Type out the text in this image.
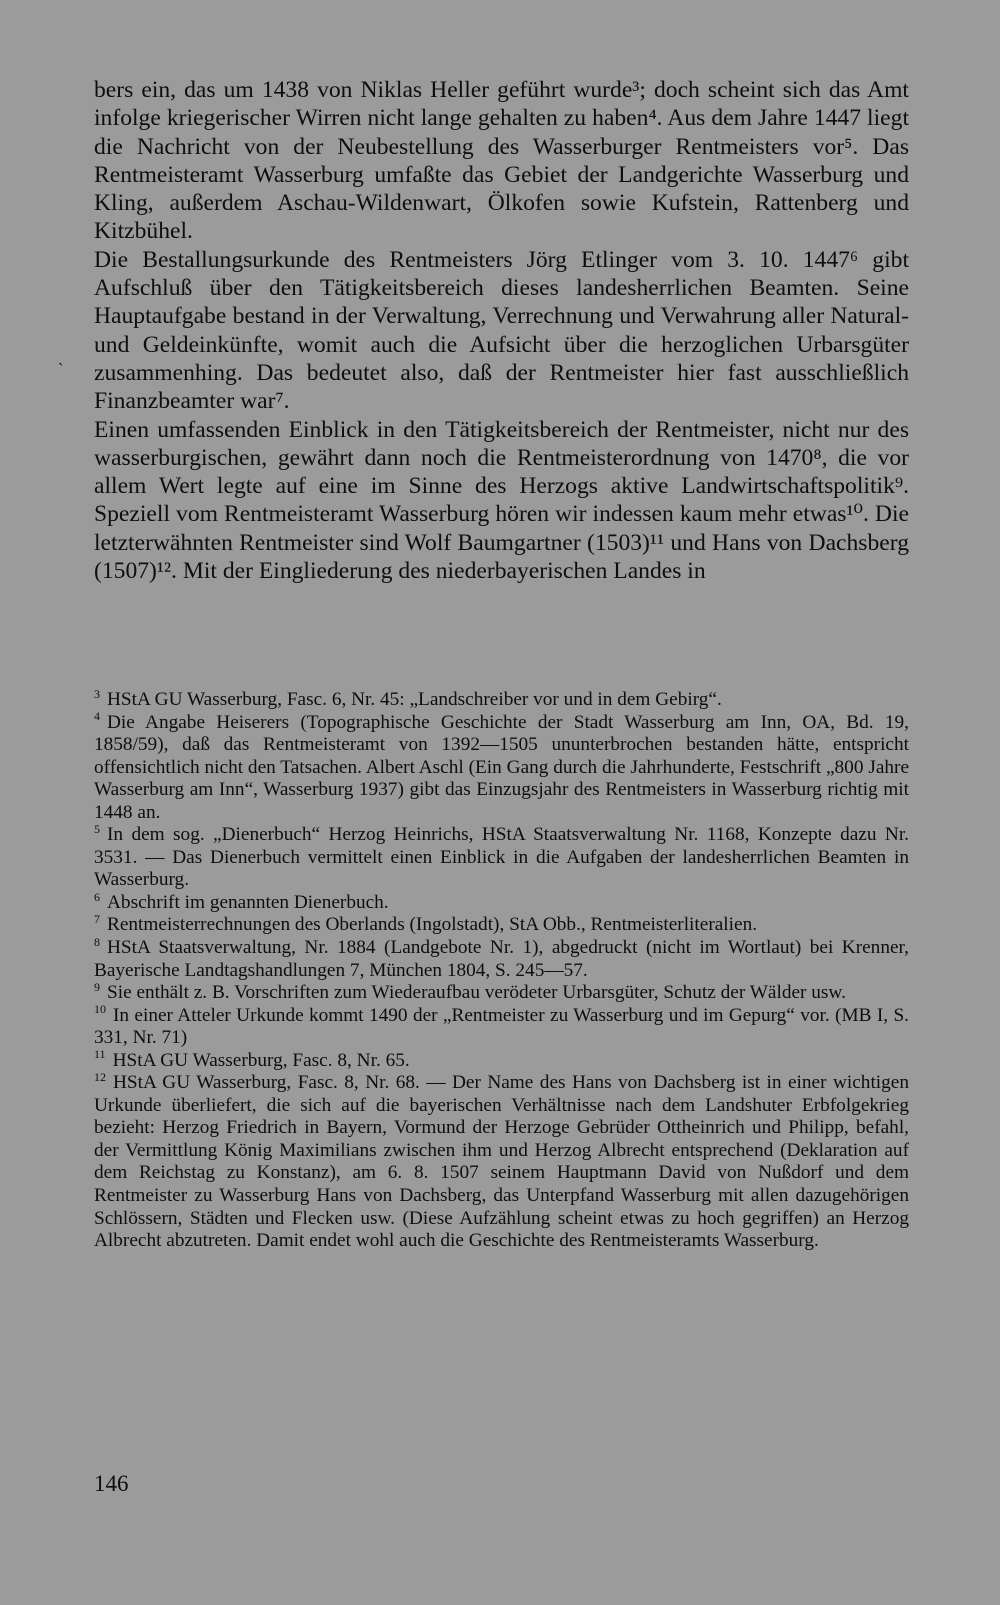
ˎ

bers ein, das um 1438 von Niklas Heller geführt wurde³; doch scheint sich das Amt infolge kriegerischer Wirren nicht lange gehalten zu haben⁴. Aus dem Jahre 1447 liegt die Nachricht von der Neubestellung des Wasserburger Rentmeisters vor⁵. Das Rentmeisteramt Wasserburg umfaßte das Gebiet der Landgerichte Wasserburg und Kling, außerdem Aschau-Wildenwart, Ölkofen sowie Kufstein, Rattenberg und Kitzbühel.

Die Bestallungsurkunde des Rentmeisters Jörg Etlinger vom 3. 10. 1447⁶ gibt Aufschluß über den Tätigkeitsbereich dieses landesherrlichen Beamten. Seine Hauptaufgabe bestand in der Verwaltung, Verrechnung und Verwahrung aller Natural- und Geldeinkünfte, womit auch die Aufsicht über die herzoglichen Urbarsgüter zusammenhing. Das bedeutet also, daß der Rentmeister hier fast ausschließlich Finanzbeamter war⁷.

Einen umfassenden Einblick in den Tätigkeitsbereich der Rentmeister, nicht nur des wasserburgischen, gewährt dann noch die Rentmeisterordnung von 1470⁸, die vor allem Wert legte auf eine im Sinne des Herzogs aktive Landwirtschaftspolitik⁹. Speziell vom Rentmeisteramt Wasserburg hören wir indessen kaum mehr etwas¹⁰. Die letzterwähnten Rentmeister sind Wolf Baumgartner (1503)¹¹ und Hans von Dachsberg (1507)¹². Mit der Eingliederung des niederbayerischen Landes in

$^3$ HStA GU Wasserburg, Fasc. 6, Nr. 45: „Landschreiber vor und in dem Gebirg“.

$^4$ Die Angabe Heiserers (Topographische Geschichte der Stadt Wasserburg am Inn, OA, Bd. 19, 1858/59), daß das Rentmeisteramt von 1392—1505 ununterbrochen bestanden hätte, entspricht offensichtlich nicht den Tatsachen. Albert Aschl (Ein Gang durch die Jahrhunderte, Festschrift „800 Jahre Wasserburg am Inn“, Wasserburg 1937) gibt das Einzugsjahr des Rentmeisters in Wasserburg richtig mit 1448 an.

$^5$ In dem sog. „Dienerbuch“ Herzog Heinrichs, HStA Staatsverwaltung Nr. 1168, Konzepte dazu Nr. 3531. — Das Dienerbuch vermittelt einen Einblick in die Aufgaben der landesherrlichen Beamten in Wasserburg.

$^6$ Abschrift im genannten Dienerbuch.

$^7$ Rentmeisterrechnungen des Oberlands (Ingolstadt), StA Obb., Rentmeisterliteralien.

$^8$ HStA Staatsverwaltung, Nr. 1884 (Landgebote Nr. 1), abgedruckt (nicht im Wortlaut) bei Krenner, Bayerische Landtagshandlungen 7, München 1804, S. 245—57.

$^9$ Sie enthält z. B. Vorschriften zum Wiederaufbau verödeter Urbarsgüter, Schutz der Wälder usw.

$^{10}$ In einer Atteler Urkunde kommt 1490 der „Rentmeister zu Wasserburg und im Gepurg“ vor. (MB I, S. 331, Nr. 71)

$^{11}$ HStA GU Wasserburg, Fasc. 8, Nr. 65.

$^{12}$ HStA GU Wasserburg, Fasc. 8, Nr. 68. — Der Name des Hans von Dachsberg ist in einer wichtigen Urkunde überliefert, die sich auf die bayerischen Verhältnisse nach dem Landshuter Erbfolgekrieg bezieht: Herzog Friedrich in Bayern, Vormund der Herzoge Gebrüder Ottheinrich und Philipp, befahl, der Vermittlung König Maximilians zwischen ihm und Herzog Albrecht entsprechend (Deklaration auf dem Reichstag zu Konstanz), am 6. 8. 1507 seinem Hauptmann David von Nußdorf und dem Rentmeister zu Wasserburg Hans von Dachsberg, das Unterpfand Wasserburg mit allen dazugehörigen Schlössern, Städten und Flecken usw. (Diese Aufzählung scheint etwas zu hoch gegriffen) an Herzog Albrecht abzutreten. Damit endet wohl auch die Geschichte des Rentmeisteramts Wasserburg.

146
